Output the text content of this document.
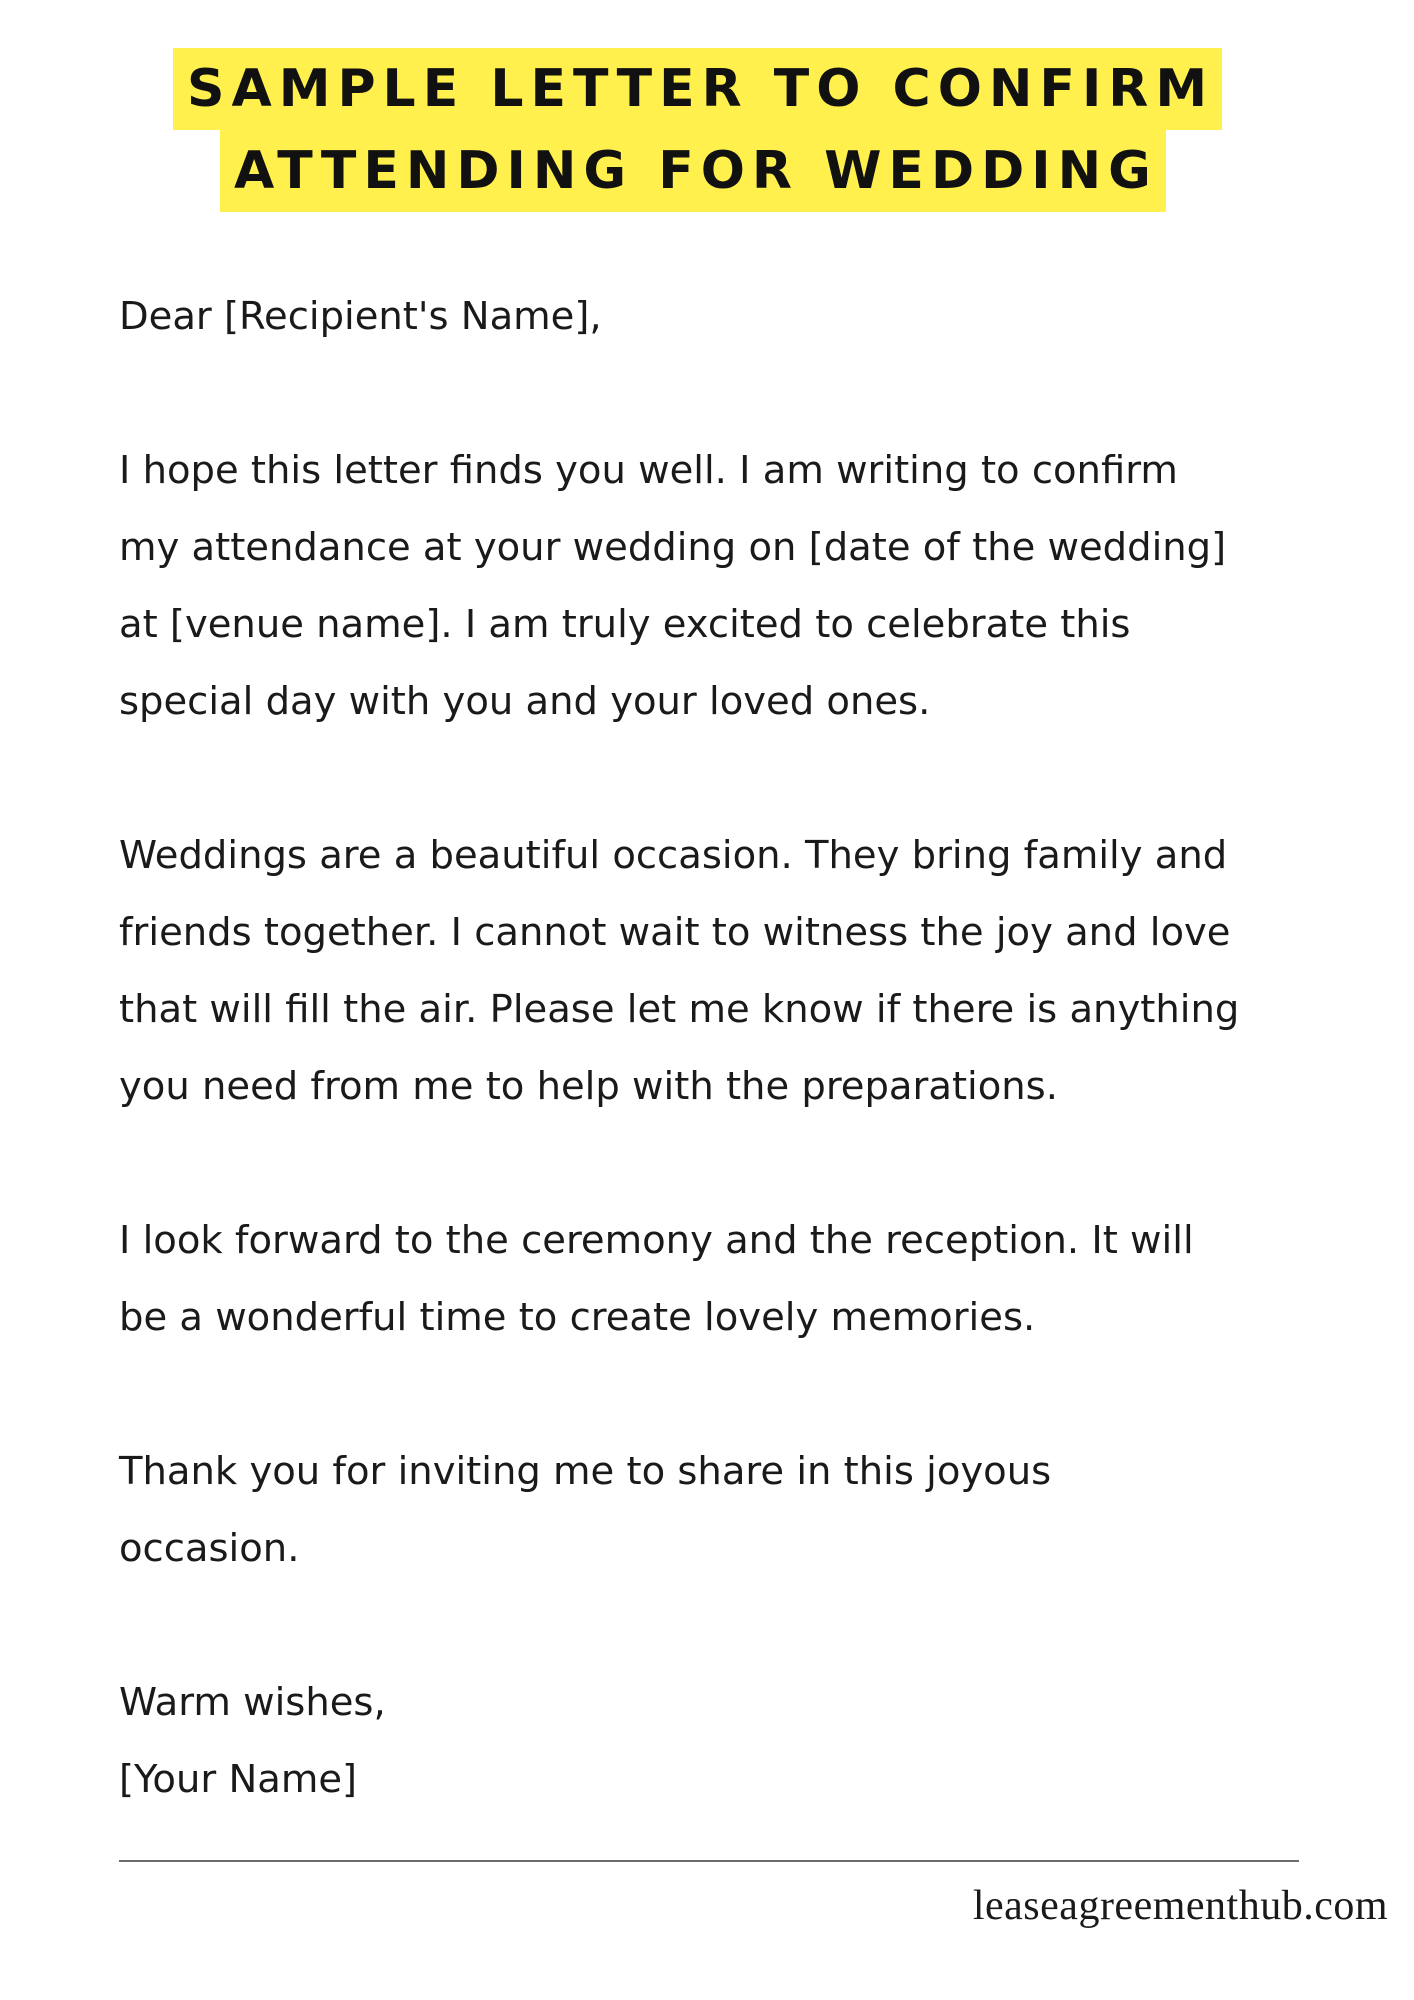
SAMPLE LETTER TO CONFIRM
ATTENDING FOR WEDDING

Dear [Recipient's Name],

I hope this letter finds you well. I am writing to confirm
my attendance at your wedding on [date of the wedding]
at [venue name]. I am truly excited to celebrate this
special day with you and your loved ones.

Weddings are a beautiful occasion. They bring family and
friends together. I cannot wait to witness the joy and love
that will fill the air. Please let me know if there is anything
you need from me to help with the preparations.

I look forward to the ceremony and the reception. It will
be a wonderful time to create lovely memories.

Thank you for inviting me to share in this joyous
occasion.

Warm wishes,
[Your Name]

leaseagreementhub.com
